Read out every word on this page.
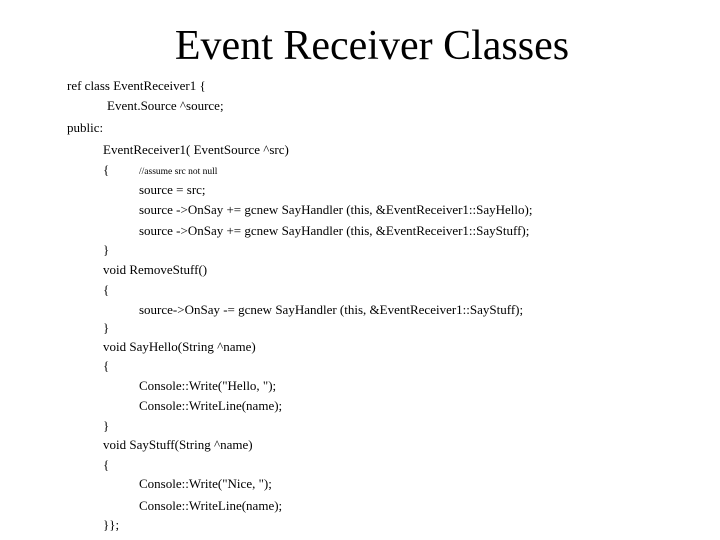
Event Receiver Classes
ref class EventReceiver1 {
Event.Source ^source;
public:
EventReceiver1( EventSource ^src)
{	//assume src not null
source = src;
source ->OnSay += gcnew SayHandler (this, &EventReceiver1::SayHello);
source ->OnSay += gcnew SayHandler (this, &EventReceiver1::SayStuff);
}
void RemoveStuff()
{
source->OnSay -= gcnew SayHandler (this, &EventReceiver1::SayStuff);
}
void SayHello(String ^name)
{
Console::Write("Hello, ");
Console::WriteLine(name);
}
void SayStuff(String ^name)
{
Console::Write("Nice, ");
Console::WriteLine(name);
}};
